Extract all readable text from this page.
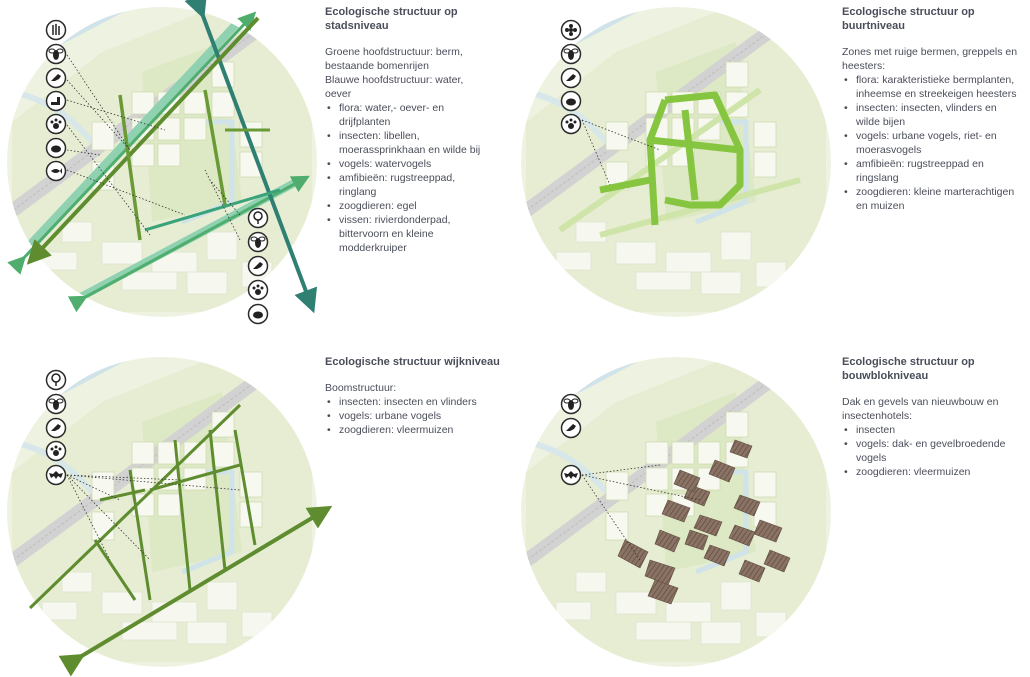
Ecologische structuur op stadsniveau

Groene hoofdstructuur: berm, bestaande bomenrijen

Blauwe hoofdstructuur: water, oever

• flora: water,- oever- en drijfplanten
• insecten: libellen, moerassprinkhaan en wilde bij
• vogels: watervogels
• amfibieën: rugstreeppad, ringlang
• zoogdieren: egel
• vissen: rivierdonderpad, bittervoorn en kleine modderkruiper
Ecologische structuur op buurtniveau

Zones met ruige bermen, greppels en heesters:

• flora: karakteristieke bermplanten, inheemse en streekeigen heesters
• insecten: insecten, vlinders en wilde bijen
• vogels: urbane vogels, riet- en moerasvogels
• amfibieën: rugstreeppad en ringslang
• zoogdieren: kleine marterachtigen en muizen
Ecologische structuur wijkniveau

Boomstructuur:

• insecten: insecten en vlinders
• vogels: urbane vogels
• zoogdieren: vleermuizen
Ecologische structuur op bouwblokniveau

Dak en gevels van nieuwbouw en insectenhotels:

• insecten
• vogels: dak- en gevelbroedende vogels
• zoogdieren: vleermuizen
